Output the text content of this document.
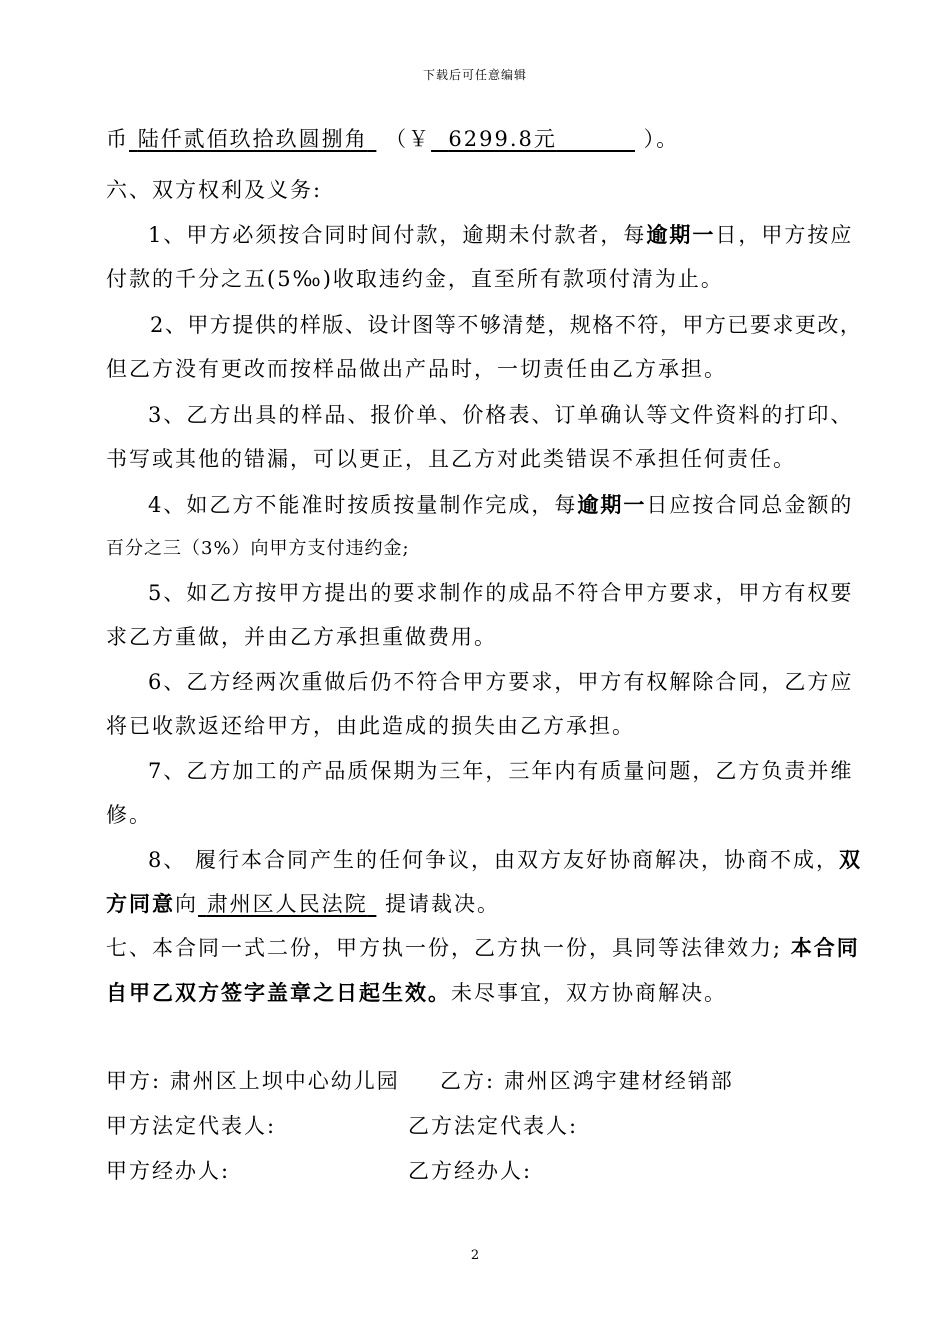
下载后可任意编辑
币 陆仟贰佰玖拾玖圆捌角 （￥ 6299.8元	）。
六、双方权利及义务:
1、甲方必须按合同时间付款，逾期未付款者，每逾期一日，甲方按应
付款的千分之五(5‰)收取违约金，直至所有款项付清为止。
2、甲方提供的样版、设计图等不够清楚，规格不符，甲方已要求更改，
但乙方没有更改而按样品做出产品时，一切责任由乙方承担。
3、乙方出具的样品、报价单、价格表、订单确认等文件资料的打印、
书写或其他的错漏，可以更正，且乙方对此类错误不承担任何责任。
4、如乙方不能准时按质按量制作完成，每逾期一日应按合同总金额的
百分之三（3%）向甲方支付违约金;
5、如乙方按甲方提出的要求制作的成品不符合甲方要求，甲方有权要
求乙方重做，并由乙方承担重做费用。
6、乙方经两次重做后仍不符合甲方要求，甲方有权解除合同，乙方应
将已收款返还给甲方，由此造成的损失由乙方承担。
7、乙方加工的产品质保期为三年，三年内有质量问题，乙方负责并维
修。
8、 履行本合同产生的任何争议，由双方友好协商解决，协商不成，双
方同意向 肃州区人民法院 提请裁决。
七、本合同一式二份，甲方执一份，乙方执一份，具同等法律效力; 本合同
自甲乙双方签字盖章之日起生效。未尽事宜，双方协商解决。
甲方: 肃州区上坝中心幼儿园 乙方: 肃州区鸿宇建材经销部
甲方法定代表人:	乙方法定代表人:
甲方经办人:	乙方经办人:
2
